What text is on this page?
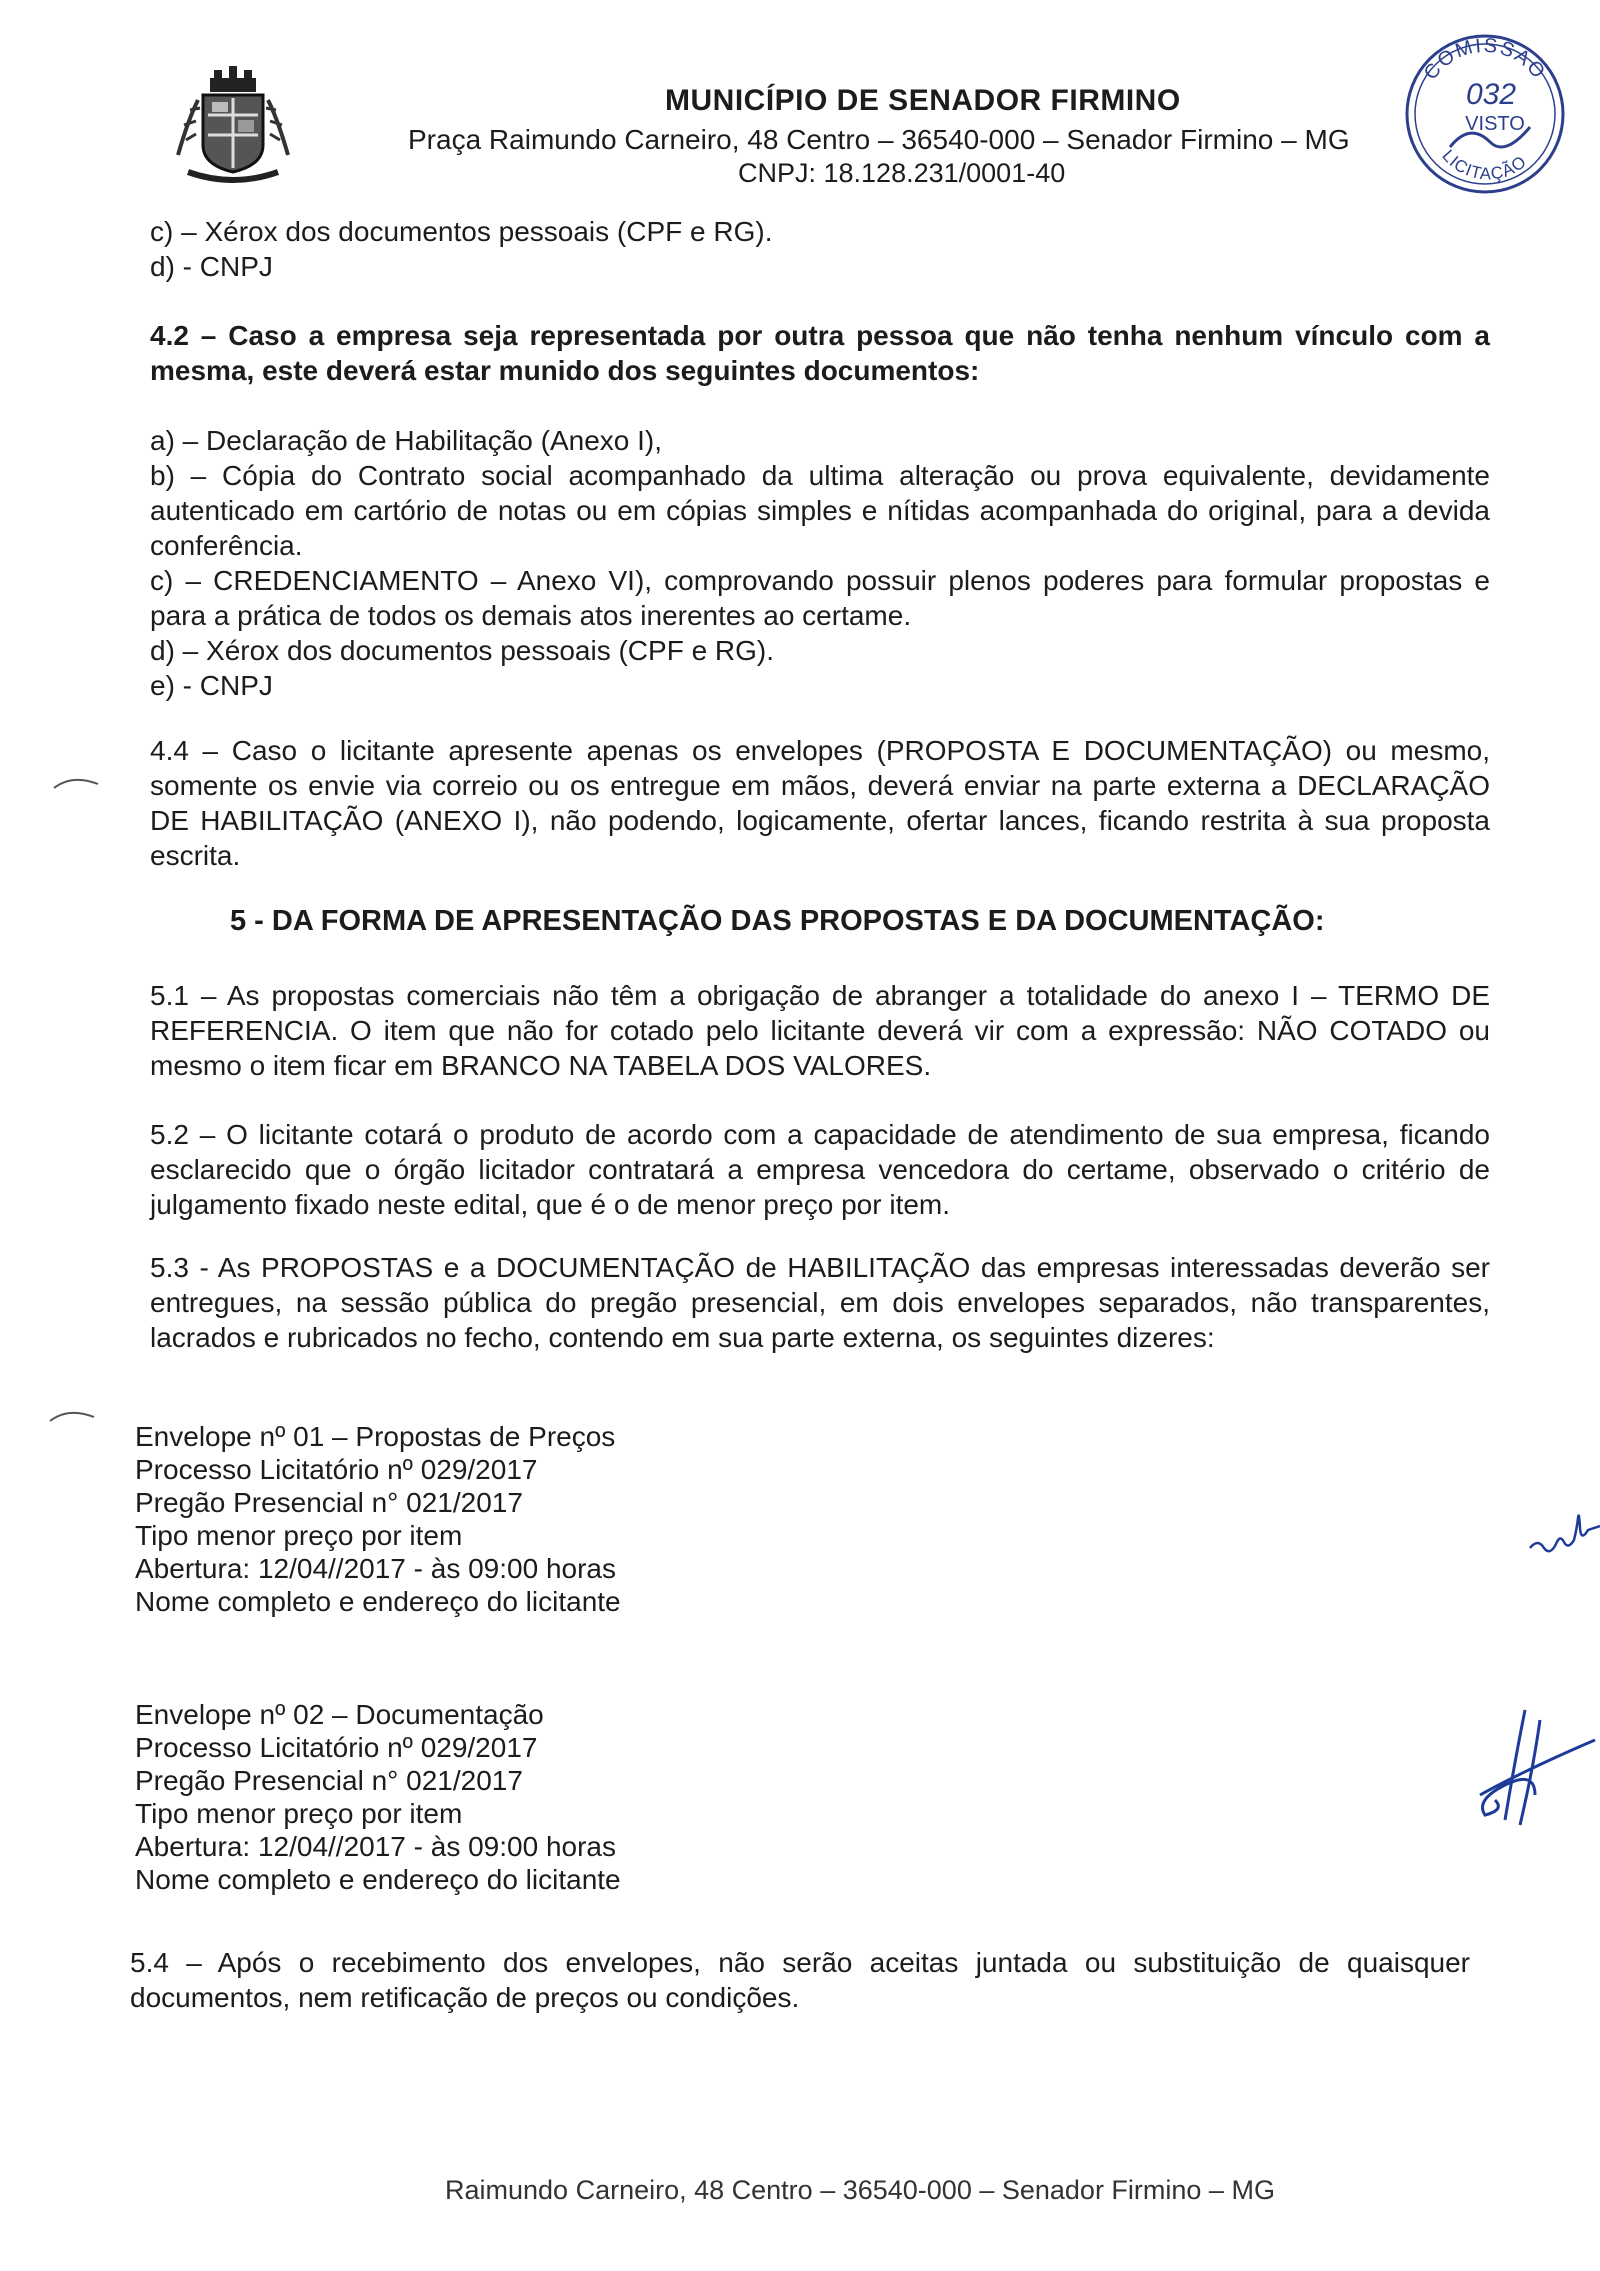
MUNICÍPIO DE SENADOR FIRMINO
Praça Raimundo Carneiro, 48 Centro – 36540-000 – Senador Firmino – MG
CNPJ: 18.128.231/0001-40
COMISSÃO
032
VISTO
LICITAÇÃO

c) – Xérox dos documentos pessoais (CPF e RG).

d) - CNPJ

4.2 – Caso a empresa seja representada por outra pessoa que não tenha nenhum vínculo com a mesma, este deverá estar munido dos seguintes documentos:

a) – Declaração de Habilitação (Anexo I),

b) – Cópia do Contrato social acompanhado da ultima alteração ou prova equivalente, devidamente autenticado em cartório de notas ou em cópias simples e nítidas acompanhada do original, para a devida conferência.

c) – CREDENCIAMENTO – Anexo VI), comprovando possuir plenos poderes para formular propostas e para a prática de todos os demais atos inerentes ao certame.

d) – Xérox dos documentos pessoais (CPF e RG).

e) - CNPJ

4.4 – Caso o licitante apresente apenas os envelopes (PROPOSTA E DOCUMENTAÇÃO) ou mesmo, somente os envie via correio ou os entregue em mãos, deverá enviar na parte externa a DECLARAÇÃO DE HABILITAÇÃO (ANEXO I), não podendo, logicamente, ofertar lances, ficando restrita à sua proposta escrita.
5 - DA FORMA DE APRESENTAÇÃO DAS PROPOSTAS E DA DOCUMENTAÇÃO:
5.1 – As propostas comerciais não têm a obrigação de abranger a totalidade do anexo I – TERMO DE REFERENCIA. O item que não for cotado pelo licitante deverá vir com a expressão: NÃO COTADO ou mesmo o item ficar em BRANCO NA TABELA DOS VALORES.
5.2 – O licitante cotará o produto de acordo com a capacidade de atendimento de sua empresa, ficando esclarecido que o órgão licitador contratará a empresa vencedora do certame, observado o critério de julgamento fixado neste edital, que é o de menor preço por item.
5.3 - As PROPOSTAS e a DOCUMENTAÇÃO de HABILITAÇÃO das empresas interessadas deverão ser entregues, na sessão pública do pregão presencial, em dois envelopes separados, não transparentes, lacrados e rubricados no fecho, contendo em sua parte externa, os seguintes dizeres:

Envelope nº 01 – Propostas de Preços

Processo Licitatório nº 029/2017

Pregão Presencial n° 021/2017

Tipo menor preço por item

Abertura: 12/04//2017 - às 09:00 horas

Nome completo e endereço do licitante

Envelope nº 02 – Documentação

Processo Licitatório nº 029/2017

Pregão Presencial n° 021/2017

Tipo menor preço por item

Abertura: 12/04//2017 - às 09:00 horas

Nome completo e endereço do licitante

5.4 – Após o recebimento dos envelopes, não serão aceitas juntada ou substituição de quaisquer documentos, nem retificação de preços ou condições.
Raimundo Carneiro, 48 Centro – 36540-000 – Senador Firmino – MG
